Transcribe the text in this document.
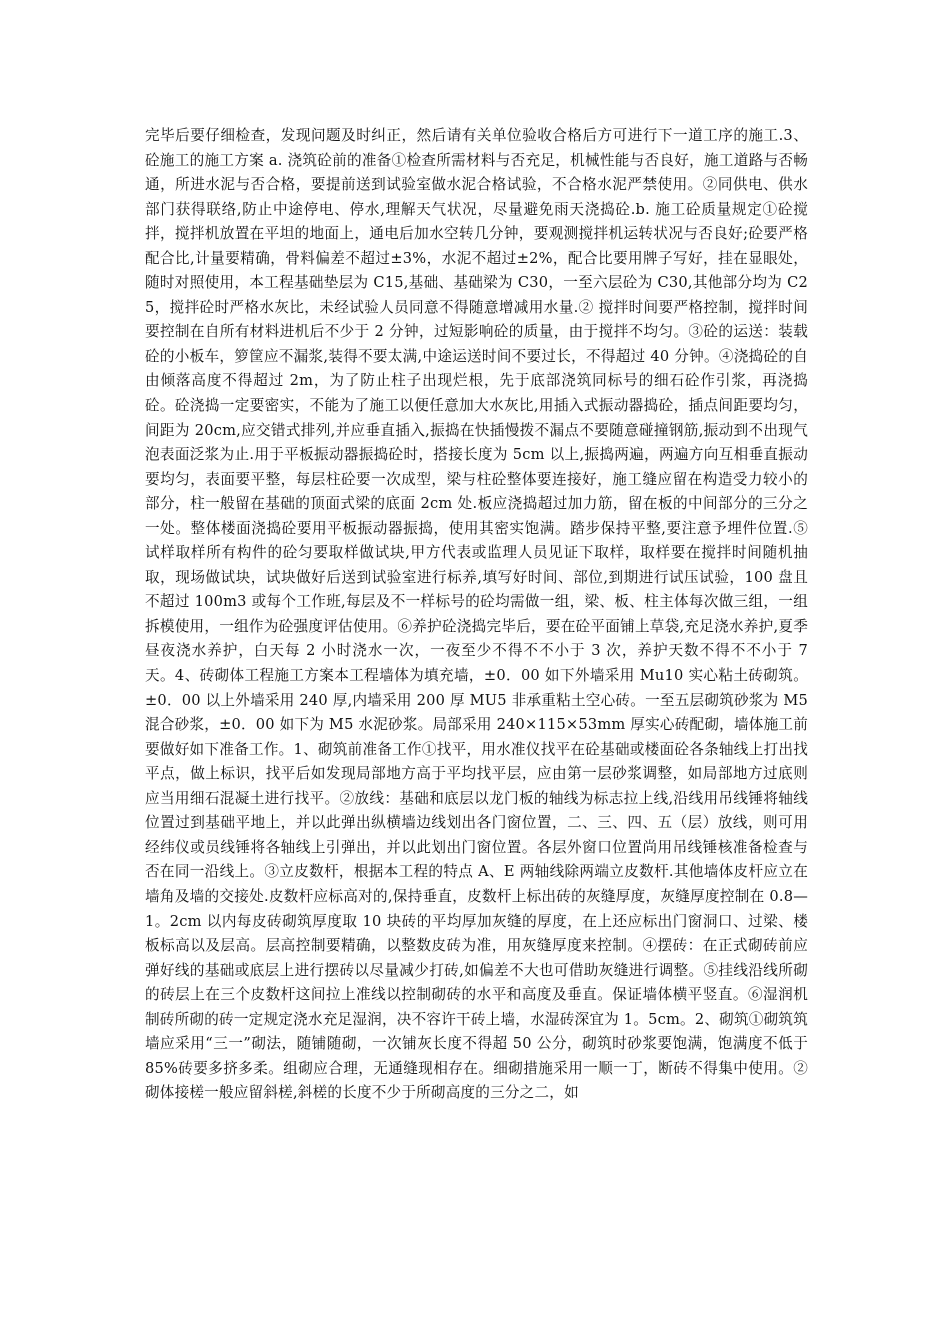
完毕后要仔细检查，发现问题及时纠正，然后请有关单位验收合格后方可进行下一道工序的施工.3、砼施工的施工方案 a. 浇筑砼前的准备①检查所需材料与否充足，机械性能与否良好，施工道路与否畅通，所进水泥与否合格，要提前送到试验室做水泥合格试验，不合格水泥严禁使用。②同供电、供水部门获得联络,防止中途停电、停水,理解天气状况，尽量避免雨天浇捣砼.b. 施工砼质量规定①砼搅拌，搅拌机放置在平坦的地面上，通电后加水空转几分钟，要观测搅拌机运转状况与否良好;砼要严格配合比,计量要精确，骨料偏差不超过±3%，水泥不超过±2%，配合比要用牌子写好，挂在显眼处，随时对照使用，本工程基础垫层为 C15,基础、基础梁为 C30，一至六层砼为 C30,其他部分均为 C25，搅拌砼时严格水灰比，未经试验人员同意不得随意增减用水量.② 搅拌时间要严格控制，搅拌时间要控制在自所有材料进机后不少于 2 分钟，过短影响砼的质量，由于搅拌不均匀。③砼的运送：装载砼的小板车，箩筐应不漏浆,装得不要太满,中途运送时间不要过长，不得超过 40 分钟。④浇捣砼的自由倾落高度不得超过 2m，为了防止柱子出现烂根，先于底部浇筑同标号的细石砼作引浆，再浇捣砼。砼浇捣一定要密实，不能为了施工以便任意加大水灰比,用插入式振动器捣砼，插点间距要均匀，间距为 20cm,应交错式排列,并应垂直插入,振捣在快插慢拨不漏点不要随意碰撞钢筋,振动到不出现气泡表面泛浆为止.用于平板振动器振捣砼时，搭接长度为 5cm 以上,振捣两遍，两遍方向互相垂直振动要均匀，表面要平整，每层柱砼要一次成型，梁与柱砼整体要连接好，施工缝应留在构造受力较小的部分，柱一般留在基础的顶面式梁的底面 2cm 处.板应浇捣超过加力筋，留在板的中间部分的三分之一处。整体楼面浇捣砼要用平板振动器振捣，使用其密实饱满。踏步保持平整,要注意予埋件位置.⑤ 试样取样所有构件的砼匀要取样做试块,甲方代表或监理人员见证下取样，取样要在搅拌时间随机抽取，现场做试块，试块做好后送到试验室进行标养,填写好时间、部位,到期进行试压试验，100 盘且不超过 100m3 或每个工作班,每层及不一样标号的砼均需做一组，梁、板、柱主体每次做三组，一组拆模使用，一组作为砼强度评估使用。⑥养护砼浇捣完毕后，要在砼平面铺上草袋,充足浇水养护,夏季昼夜浇水养护，白天每 2 小时浇水一次，一夜至少不得不不小于 3 次，养护天数不得不不小于 7 天。4、砖砌体工程施工方案本工程墙体为填充墙，±0．00 如下外墙采用 Mu10 实心粘土砖砌筑。±0．00 以上外墙采用 240 厚,内墙采用 200 厚 MU5 非承重粘土空心砖。一至五层砌筑砂浆为 M5 混合砂浆，±0．00 如下为 M5 水泥砂浆。局部采用 240×115×53mm 厚实心砖配砌，墙体施工前要做好如下准备工作。1、砌筑前准备工作①找平，用水准仪找平在砼基础或楼面砼各条轴线上打出找平点，做上标识，找平后如发现局部地方高于平均找平层，应由第一层砂浆调整，如局部地方过底则应当用细石混凝土进行找平。②放线：基础和底层以龙门板的轴线为标志拉上线,沿线用吊线锤将轴线位置过到基础平地上，并以此弹出纵横墙边线划出各门窗位置，二、三、四、五（层）放线，则可用经纬仪或员线锤将各轴线上引弹出，并以此划出门窗位置。各层外窗口位置尚用吊线锤核准备检查与否在同一沿线上。③立皮数杆，根据本工程的特点 A、E 两轴线除两端立皮数杆.其他墙体皮杆应立在墙角及墙的交接处.皮数杆应标高对的,保持垂直，皮数杆上标出砖的灰缝厚度，灰缝厚度控制在 0.8—1。2cm 以内每皮砖砌筑厚度取 10 块砖的平均厚加灰缝的厚度，在上还应标出门窗洞口、过梁、楼板标高以及层高。层高控制要精确，以整数皮砖为准，用灰缝厚度来控制。④摆砖：在正式砌砖前应弹好线的基础或底层上进行摆砖以尽量减少打砖,如偏差不大也可借助灰缝进行调整。⑤挂线沿线所砌的砖层上在三个皮数杆这间拉上准线以控制砌砖的水平和高度及垂直。保证墙体横平竖直。⑥湿润机制砖所砌的砖一定规定浇水充足湿润，决不容许干砖上墙，水湿砖深宜为 1。5cm。2、砌筑①砌筑筑墙应采用“三一”砌法，随铺随砌，一次铺灰长度不得超 50 公分，砌筑时砂浆要饱满，饱满度不低于 85%砖要多挤多柔。组砌应合理，无通缝现相存在。细砌措施采用一顺一丁，断砖不得集中使用。②砌体接槎一般应留斜槎,斜槎的长度不少于所砌高度的三分之二，如
